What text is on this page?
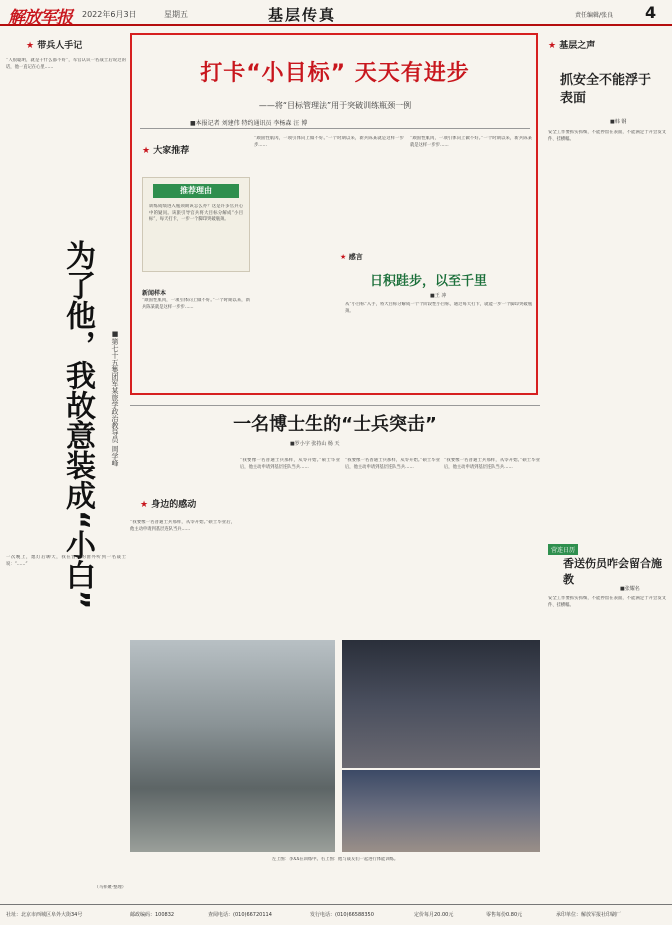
解放军报 2022年6月3日	星期五	基层传真	责任编辑/张良 4
★ 带兵人手记
“人很聪明，就是干什么都不好”，军官认识一名战士后说过的话，他一直记在心里……
为了他，我故意装成“小白” ■第七十五集团军某旅学政治教导员 周学峰
一次晚上，熄灯后聊天，我在营房的窗外听到一名战士说：“……”
（马祥聚·整理）
打卡“小目标” 天天有进步
——将“目标管理法”用于突破训练瓶颈一例
■本报记者 刘建伟 特约通讯员 李杨森 汪 博
★ 大家推荐
推荐理由
训练成绩进入瓶颈期该怎么办？这是许多官兵心中的疑问。该旅引导官兵将大目标分解成“小目标”，每天打卡，一步一个脚印突破瓶颈。
新闻样本
“顽固性肌肉，一项引体向上做不好。”一个时期以来，新兵陈某就是这样一步步……
“顽固性肌肉，一项引体向上做不好。”一个时期以来，新兵陈某就是这样一步步……
★ 感言
日积跬步，以至千里
■王 冲
“顽固性肌肉，一项引体向上做不好。”一个时期以来，新兵陈某就是这样一步步……
从“小目标”入手，将大目标分解成一个个阶段性小目标，通过每天打卡，就能一步一个脚印突破瓶颈。
★ 基层之声
抓安全不能浮于表面
■韩 钢
安全工作要抓实抓细，不能停留在表面，不能满足于开会发文件、挂横幅。
营连日历
香送伤员咋会留合施教
■张耀名
安全工作要抓实抓细，不能停留在表面，不能满足于开会发文件、挂横幅。
一名博士生的“士兵突击”
■罗小宇 张持山 杨 天
★ 身边的感动
“我要像一名普通士兵那样，从零开始。”硕士毕业后，他主动申请到基层连队当兵……
“我要像一名普通士兵那样，从零开始。”硕士毕业后，他主动申请到基层连队当兵……
“我要像一名普通士兵那样，从零开始。”硕士毕业后，他主动申请到基层连队当兵……
“我要像一名普通士兵那样，从零开始。”硕士毕业后，他主动申请到基层连队当兵……
左上图：李XX在训练中。右上图：他与战友们一起进行体能训练。
社址：北京市西城区阜外大街34号	邮政编码：100832	查阅电话：(010)66720114	发行电话：(010)66588350	定价每月20.00元	零售每份0.80元	承印单位：解放军报社印刷厂
